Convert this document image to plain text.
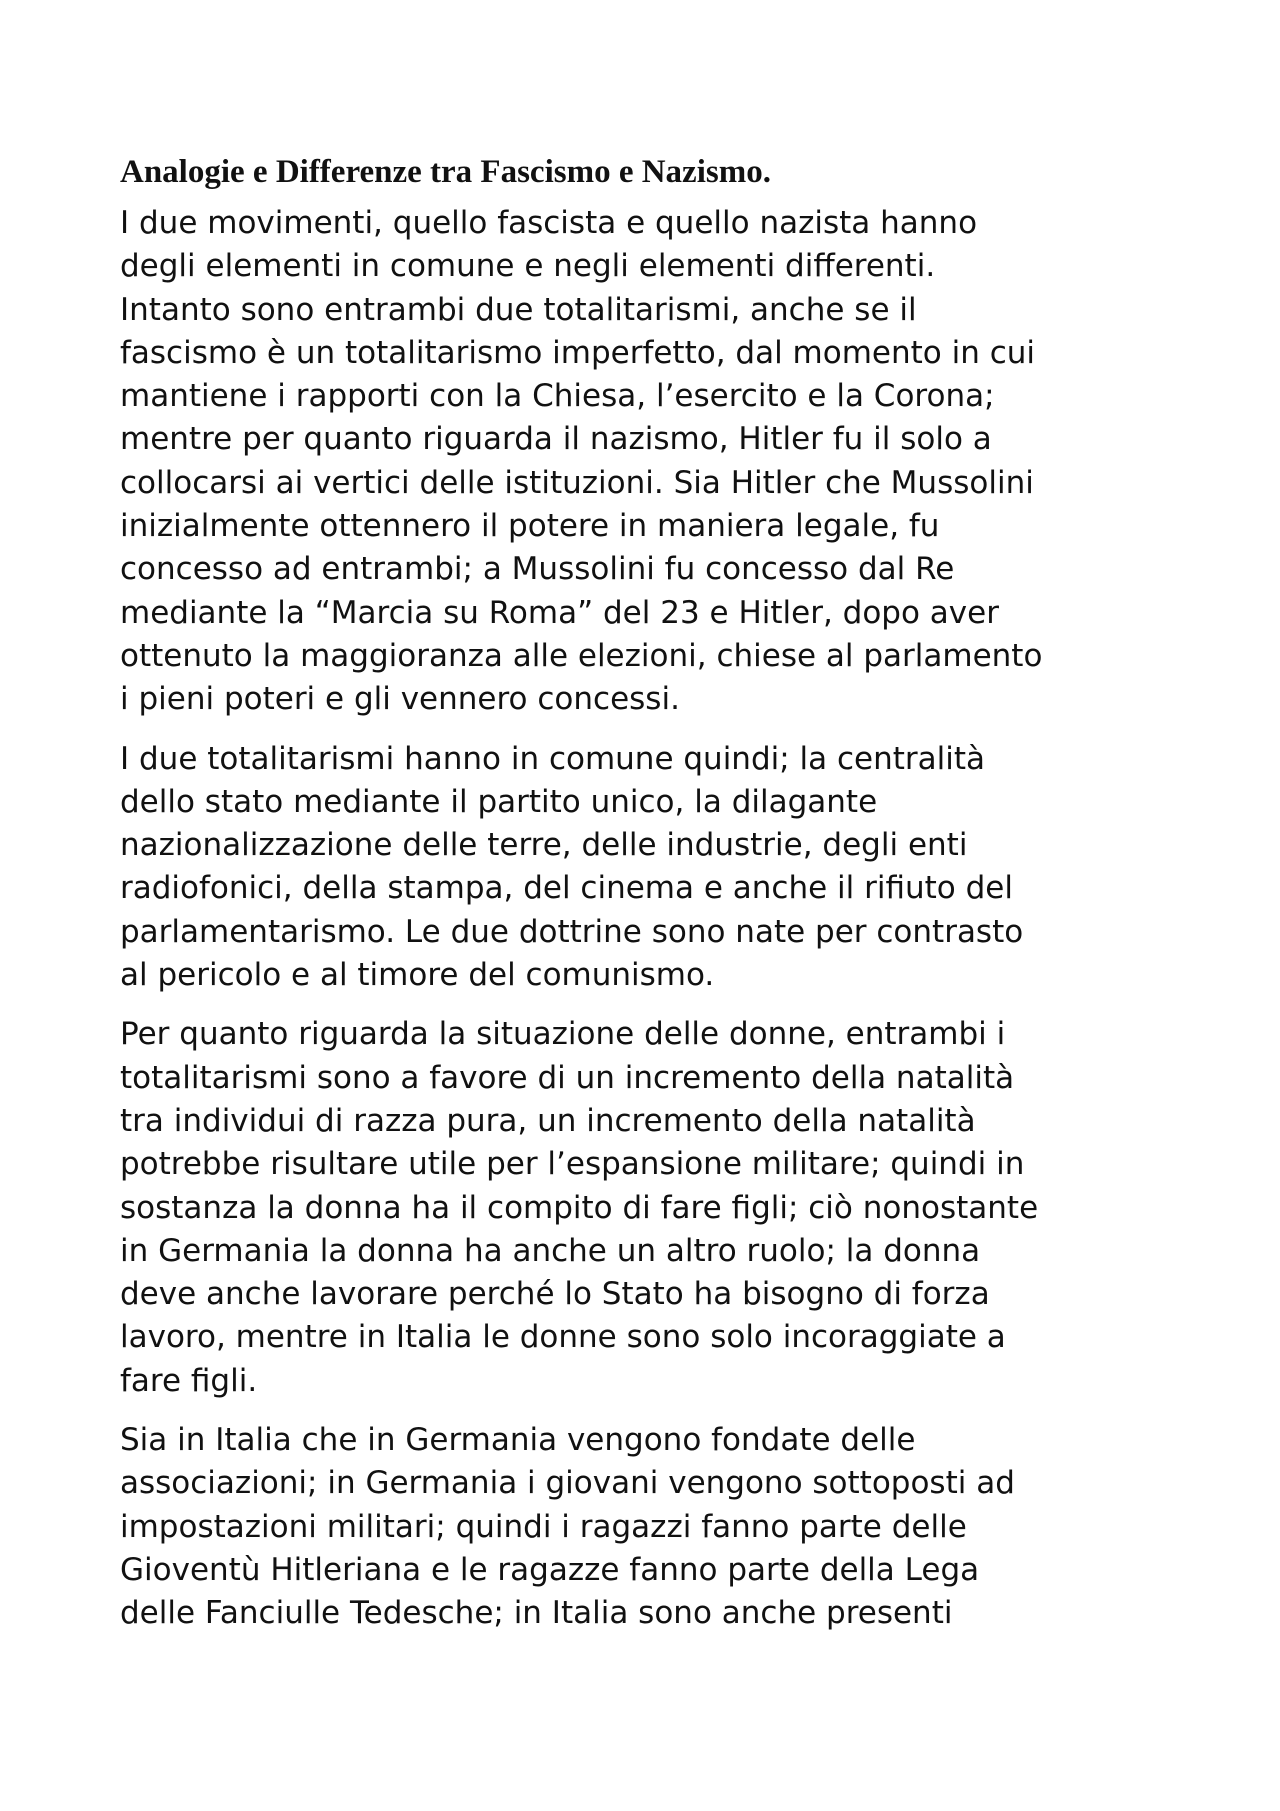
Analogie e Differenze tra Fascismo e Nazismo.

I due movimenti, quello fascista e quello nazista hanno
degli elementi in comune e negli elementi differenti.
Intanto sono entrambi due totalitarismi, anche se il
fascismo è un totalitarismo imperfetto, dal momento in cui
mantiene i rapporti con la Chiesa, l’esercito e la Corona;
mentre per quanto riguarda il nazismo, Hitler fu il solo a
collocarsi ai vertici delle istituzioni. Sia Hitler che Mussolini
inizialmente ottennero il potere in maniera legale, fu
concesso ad entrambi; a Mussolini fu concesso dal Re
mediante la “Marcia su Roma” del 23 e Hitler, dopo aver
ottenuto la maggioranza alle elezioni, chiese al parlamento
i pieni poteri e gli vennero concessi.

I due totalitarismi hanno in comune quindi; la centralità
dello stato mediante il partito unico, la dilagante
nazionalizzazione delle terre, delle industrie, degli enti
radiofonici, della stampa, del cinema e anche il rifiuto del
parlamentarismo. Le due dottrine sono nate per contrasto
al pericolo e al timore del comunismo.

Per quanto riguarda la situazione delle donne, entrambi i
totalitarismi sono a favore di un incremento della natalità
tra individui di razza pura, un incremento della natalità
potrebbe risultare utile per l’espansione militare; quindi in
sostanza la donna ha il compito di fare figli; ciò nonostante
in Germania la donna ha anche un altro ruolo; la donna
deve anche lavorare perché lo Stato ha bisogno di forza
lavoro, mentre in Italia le donne sono solo incoraggiate a
fare figli.

Sia in Italia che in Germania vengono fondate delle
associazioni; in Germania i giovani vengono sottoposti ad
impostazioni militari; quindi i ragazzi fanno parte delle
Gioventù Hitleriana e le ragazze fanno parte della Lega
delle Fanciulle Tedesche; in Italia sono anche presenti
